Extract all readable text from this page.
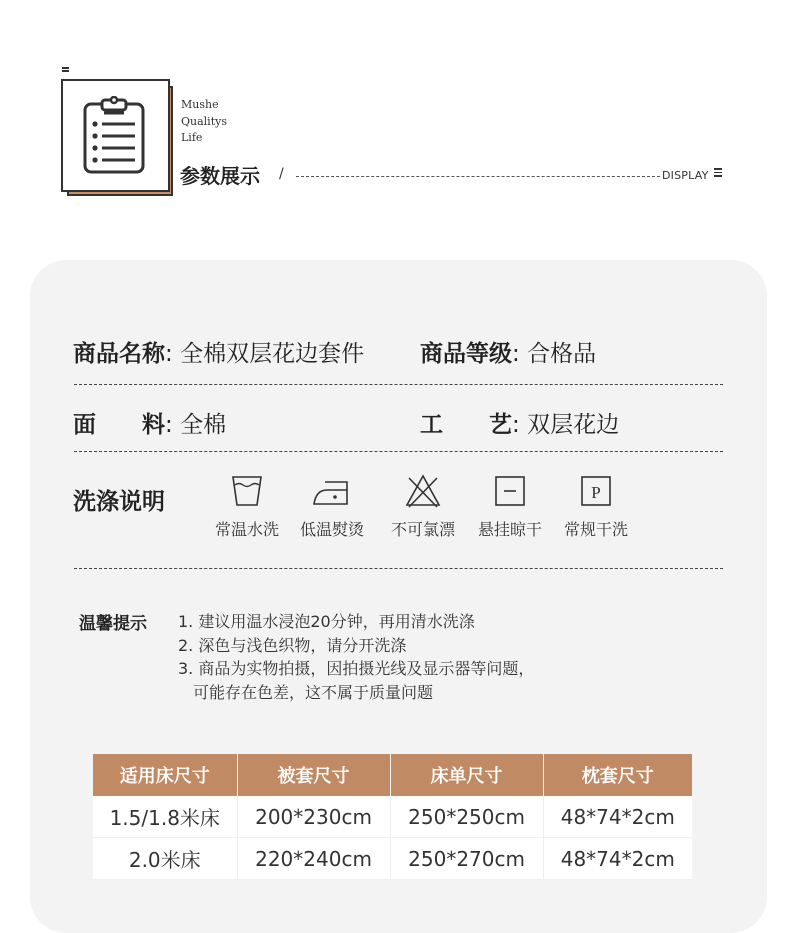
Mushe
Qualitys
Life
参数展示 /	DISPLAY
商品名称: 全棉双层花边套件 商品等级: 合格品
面 料: 全棉	工 艺: 双层花边
洗涤说明
常温水洗	低温熨烫	不可氯漂	悬挂晾干
P
常规干洗
温馨提示 1. 建议用温水浸泡20分钟，再用清水洗涤
2. 深色与浅色织物，请分开洗涤
3. 商品为实物拍摄，因拍摄光线及显示器等问题，
可能存在色差，这不属于质量问题
适用床尺寸	被套尺寸	床单尺寸	枕套尺寸
1.5/1.8米床	200*230cm	250*250cm	48*74*2cm
2.0米床	220*240cm	250*270cm	48*74*2cm
